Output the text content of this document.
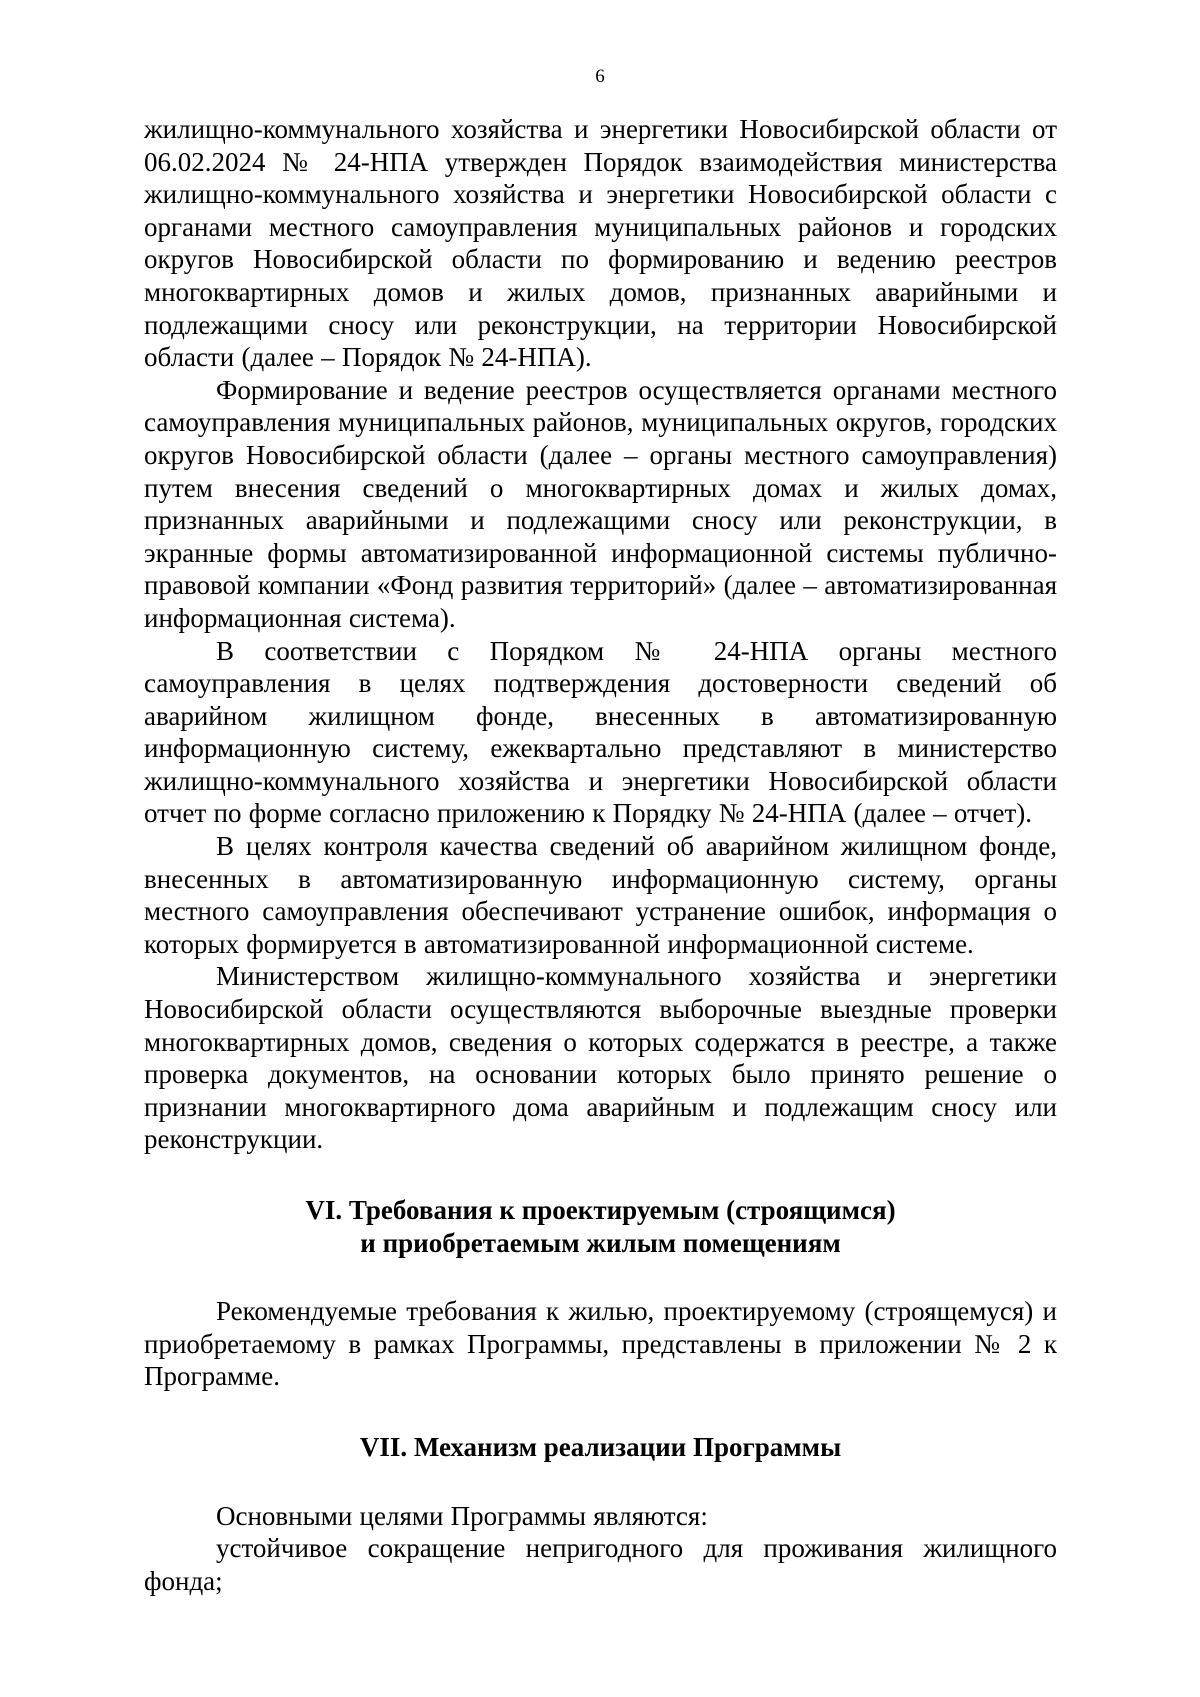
6

жилищно-коммунального хозяйства и энергетики Новосибирской области от 06.02.2024 № 24-НПА утвержден Порядок взаимодействия министерства жилищно-коммунального хозяйства и энергетики Новосибирской области с органами местного самоуправления муниципальных районов и городских округов Новосибирской области по формированию и ведению реестров многоквартирных домов и жилых домов, признанных аварийными и подлежащими сносу или реконструкции, на территории Новосибирской области (далее – Порядок № 24-НПА).

Формирование и ведение реестров осуществляется органами местного самоуправления муниципальных районов, муниципальных округов, городских округов Новосибирской области (далее – органы местного самоуправления) путем внесения сведений о многоквартирных домах и жилых домах, признанных аварийными и подлежащими сносу или реконструкции, в экранные формы автоматизированной информационной системы публично-правовой компании «Фонд развития территорий» (далее – автоматизированная информационная система).

В соответствии с Порядком № 24-НПА органы местного самоуправления в целях подтверждения достоверности сведений об аварийном жилищном фонде, внесенных в автоматизированную информационную систему, ежеквартально представляют в министерство жилищно-коммунального хозяйства и энергетики Новосибирской области отчет по форме согласно приложению к Порядку № 24-НПА (далее – отчет).

В целях контроля качества сведений об аварийном жилищном фонде, внесенных в автоматизированную информационную систему, органы местного самоуправления обеспечивают устранение ошибок, информация о которых формируется в автоматизированной информационной системе.

Министерством жилищно-коммунального хозяйства и энергетики Новосибирской области осуществляются выборочные выездные проверки многоквартирных домов, сведения о которых содержатся в реестре, а также проверка документов, на основании которых было принято решение о признании многоквартирного дома аварийным и подлежащим сносу или реконструкции.

VI. Требования к проектируемым (строящимся)
и приобретаемым жилым помещениям

Рекомендуемые требования к жилью, проектируемому (строящемуся) и приобретаемому в рамках Программы, представлены в приложении № 2 к Программе.

VII. Механизм реализации Программы

Основными целями Программы являются:

устойчивое сокращение непригодного для проживания жилищного фонда;
